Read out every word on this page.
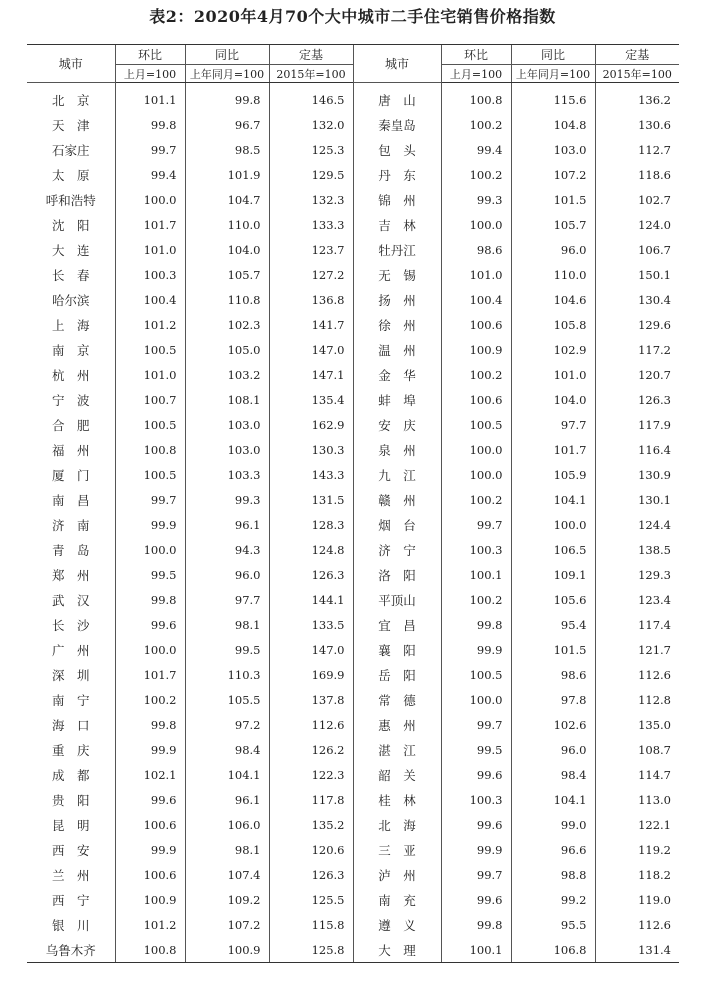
表2：2020年4月70个大中城市二手住宅销售价格指数
城市	环比	同比	定基	城市	环比	同比	定基
	上月=100	上年同月=100	2015年=100		上月=100	上年同月=100	2015年=100
北　京	101.1	99.8	146.5	唐　山	100.8	115.6	136.2
天　津	99.8	96.7	132.0	秦皇岛	100.2	104.8	130.6
石家庄	99.7	98.5	125.3	包　头	99.4	103.0	112.7
太　原	99.4	101.9	129.5	丹　东	100.2	107.2	118.6
呼和浩特	100.0	104.7	132.3	锦　州	99.3	101.5	102.7
沈　阳	101.7	110.0	133.3	吉　林	100.0	105.7	124.0
大　连	101.0	104.0	123.7	牡丹江	98.6	96.0	106.7
长　春	100.3	105.7	127.2	无　锡	101.0	110.0	150.1
哈尔滨	100.4	110.8	136.8	扬　州	100.4	104.6	130.4
上　海	101.2	102.3	141.7	徐　州	100.6	105.8	129.6
南　京	100.5	105.0	147.0	温　州	100.9	102.9	117.2
杭　州	101.0	103.2	147.1	金　华	100.2	101.0	120.7
宁　波	100.7	108.1	135.4	蚌　埠	100.6	104.0	126.3
合　肥	100.5	103.0	162.9	安　庆	100.5	97.7	117.9
福　州	100.8	103.0	130.3	泉　州	100.0	101.7	116.4
厦　门	100.5	103.3	143.3	九　江	100.0	105.9	130.9
南　昌	99.7	99.3	131.5	赣　州	100.2	104.1	130.1
济　南	99.9	96.1	128.3	烟　台	99.7	100.0	124.4
青　岛	100.0	94.3	124.8	济　宁	100.3	106.5	138.5
郑　州	99.5	96.0	126.3	洛　阳	100.1	109.1	129.3
武　汉	99.8	97.7	144.1	平顶山	100.2	105.6	123.4
长　沙	99.6	98.1	133.5	宜　昌	99.8	95.4	117.4
广　州	100.0	99.5	147.0	襄　阳	99.9	101.5	121.7
深　圳	101.7	110.3	169.9	岳　阳	100.5	98.6	112.6
南　宁	100.2	105.5	137.8	常　德	100.0	97.8	112.8
海　口	99.8	97.2	112.6	惠　州	99.7	102.6	135.0
重　庆	99.9	98.4	126.2	湛　江	99.5	96.0	108.7
成　都	102.1	104.1	122.3	韶　关	99.6	98.4	114.7
贵　阳	99.6	96.1	117.8	桂　林	100.3	104.1	113.0
昆　明	100.6	106.0	135.2	北　海	99.6	99.0	122.1
西　安	99.9	98.1	120.6	三　亚	99.9	96.6	119.2
兰　州	100.6	107.4	126.3	泸　州	99.7	98.8	118.2
西　宁	100.9	109.2	125.5	南　充	99.6	99.2	119.0
银　川	101.2	107.2	115.8	遵　义	99.8	95.5	112.6
乌鲁木齐	100.8	100.9	125.8	大　理	100.1	106.8	131.4
